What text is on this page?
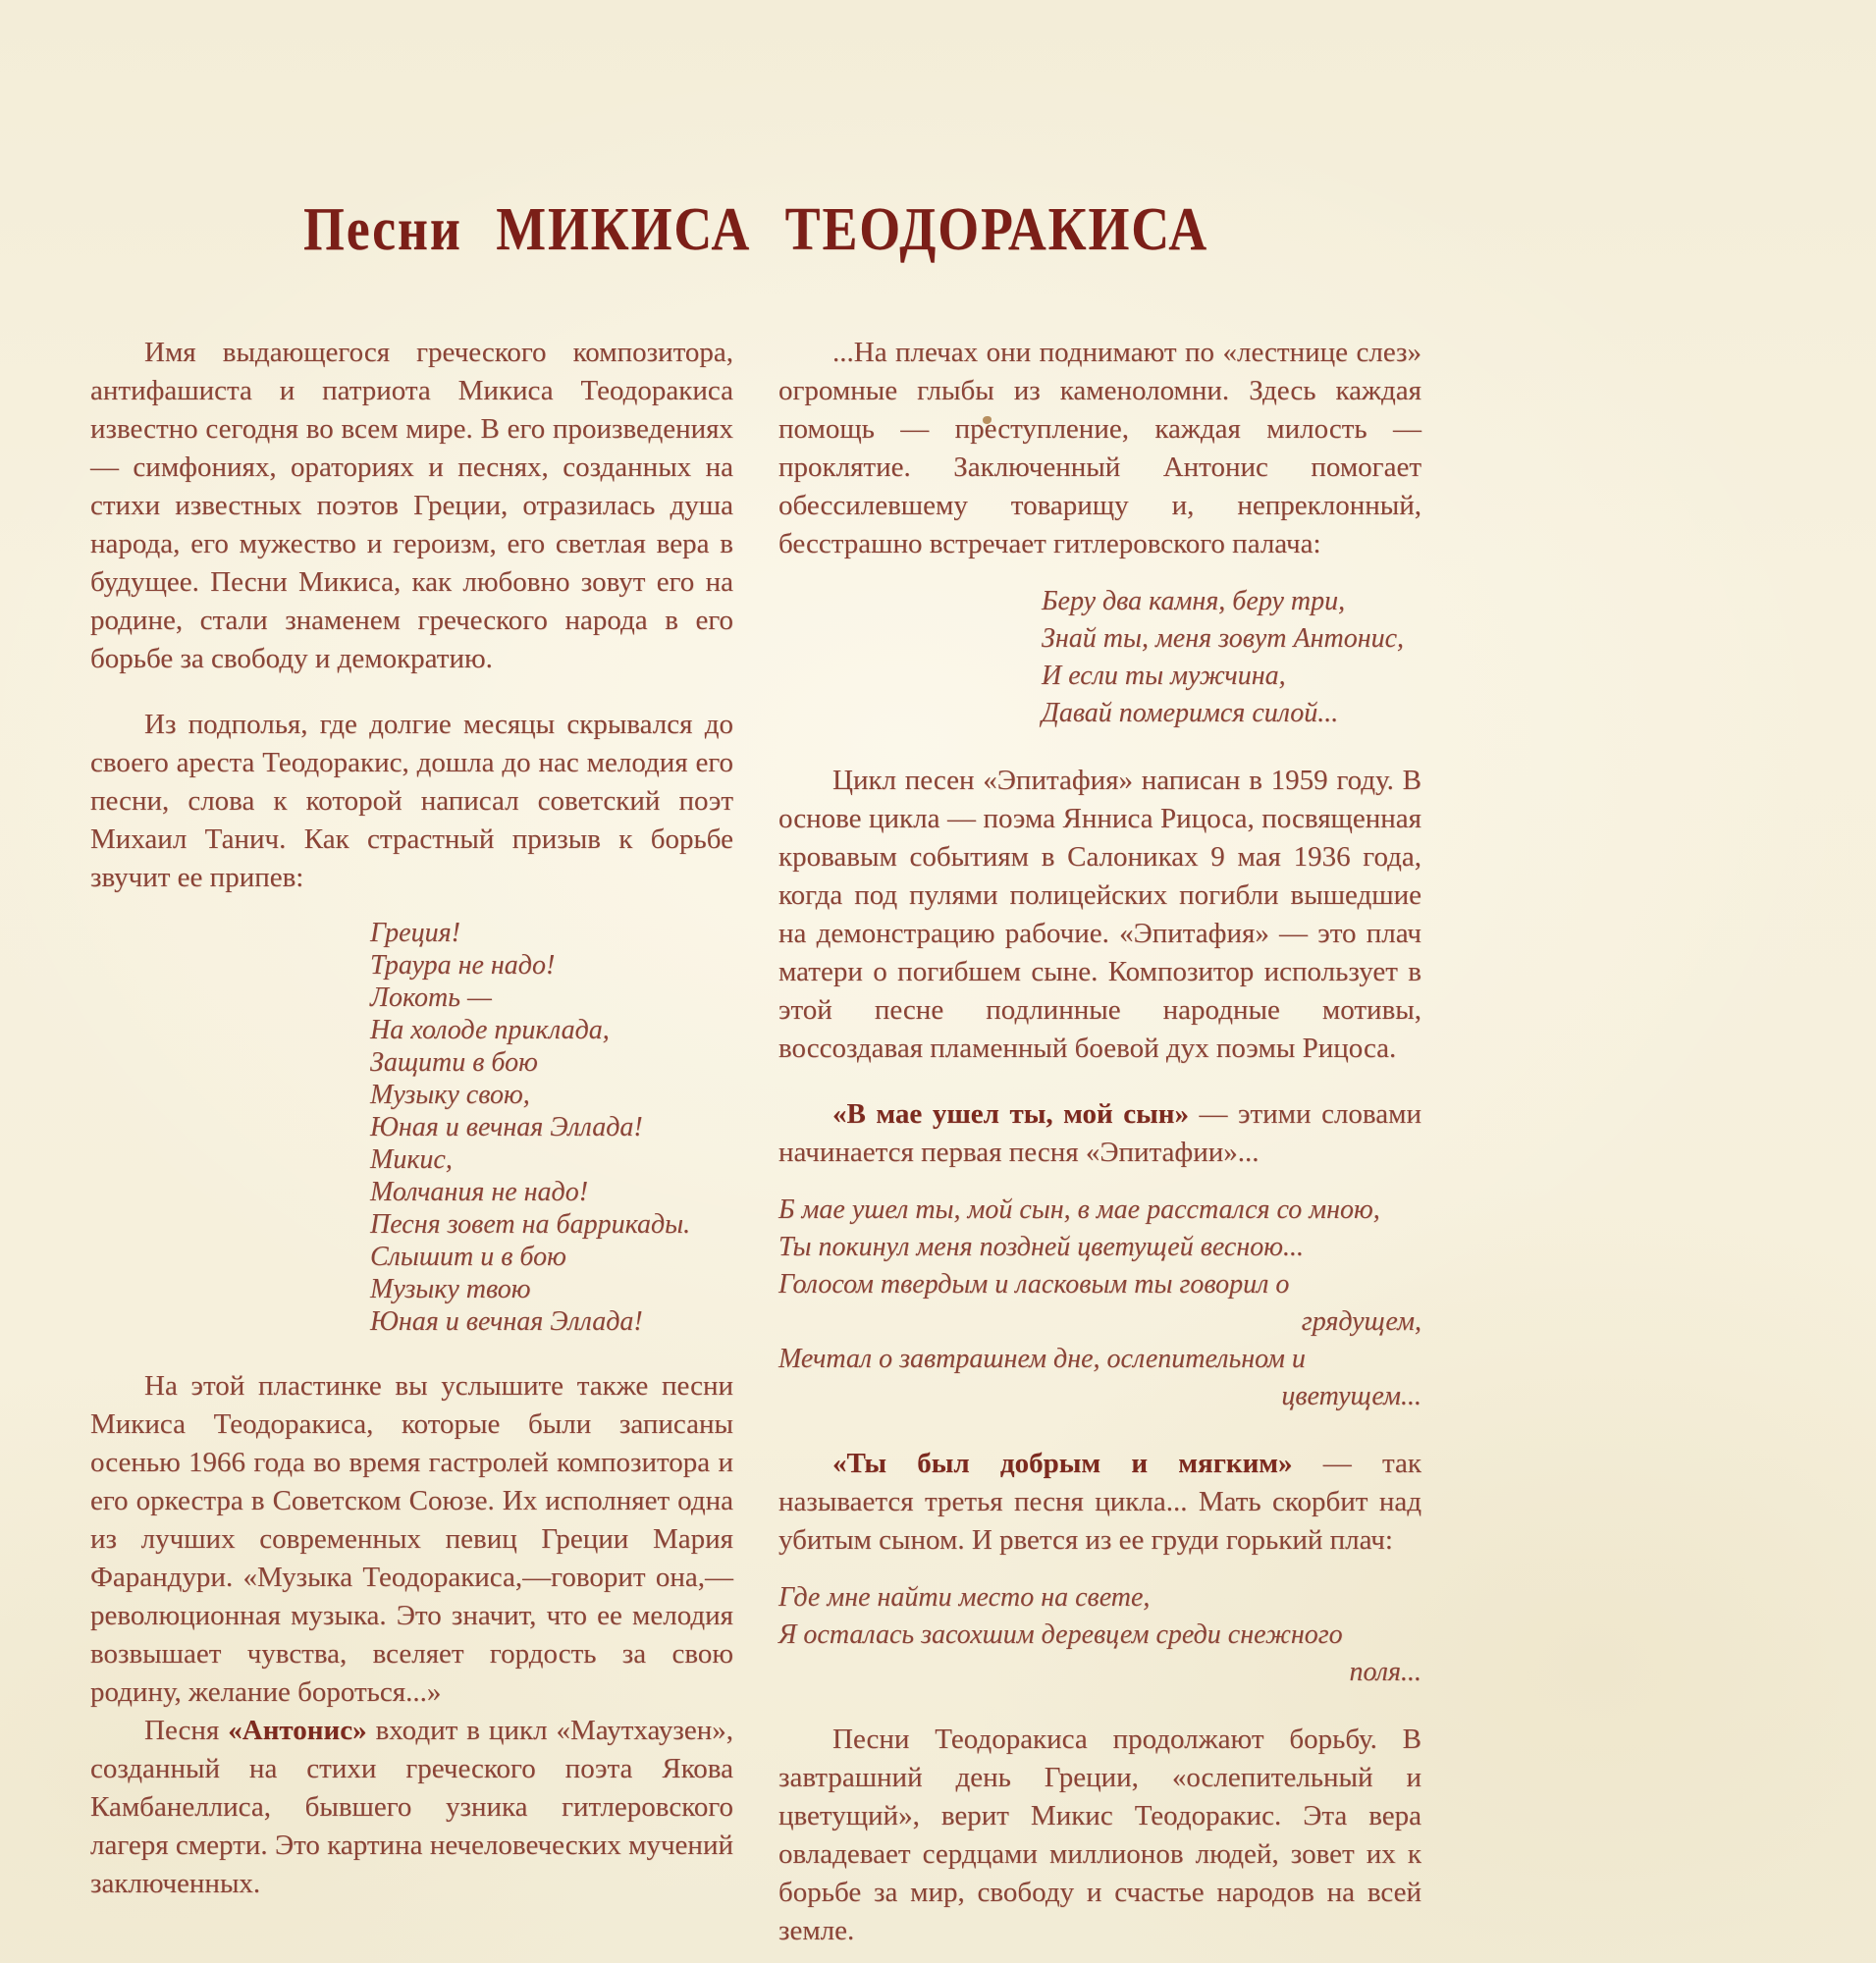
Песни МИКИСА ТЕОДОРАКИСА

Имя выдающегося греческого композитора, антифашиста и патриота Микиса Теодоракиса известно сегодня во всем мире. В его произведениях — симфониях, ораториях и песнях, созданных на стихи известных поэтов Греции, отразилась душа народа, его мужество и героизм, его светлая вера в будущее. Песни Микиса, как любовно зовут его на родине, стали знаменем греческого народа в его борьбе за свободу и демократию.

Из подполья, где долгие месяцы скрывался до своего ареста Теодоракис, дошла до нас мелодия его песни, слова к которой написал советский поэт Михаил Танич. Как страстный призыв к борьбе звучит ее припев:

Греция!
Траура не надо!
Локоть —
На холоде приклада,
Защити в бою
Музыку свою,
Юная и вечная Эллада!
Микис,
Молчания не надо!
Песня зовет на баррикады.
Слышит и в бою
Музыку твою
Юная и вечная Эллада!

На этой пластинке вы услышите также песни Микиса Теодоракиса, которые были записаны осенью 1966 года во время гастролей композитора и его оркестра в Советском Союзе. Их исполняет одна из лучших современных певиц Греции Мария Фарандури. «Музыка Теодоракиса,—говорит она,— революционная музыка. Это значит, что ее мелодия возвышает чувства, вселяет гордость за свою родину, желание бороться...»

Песня «Антонис» входит в цикл «Маутхаузен», созданный на стихи греческого поэта Якова Камбанеллиса, бывшего узника гитлеровского лагеря смерти. Это картина нечеловеческих мучений заключенных.

...На плечах они поднимают по «лестнице слез» огромные глыбы из каменоломни. Здесь каждая помощь — преступление, каждая милость — проклятие. Заключенный Антонис помогает обессилевшему товарищу и, непреклонный, бесстрашно встречает гитлеровского палача:

Беру два камня, беру три,
Знай ты, меня зовут Антонис,
И если ты мужчина,
Давай померимся силой...

Цикл песен «Эпитафия» написан в 1959 году. В основе цикла — поэма Янниса Рицоса, посвященная кровавым событиям в Салониках 9 мая 1936 года, когда под пулями полицейских погибли вышедшие на демонстрацию рабочие. «Эпитафия» — это плач матери о погибшем сыне. Композитор использует в этой песне подлинные народные мотивы, воссоздавая пламенный боевой дух поэмы Рицоса.

«В мае ушел ты, мой сын» — этими словами начинается первая песня «Эпитафии»...

Б мае ушел ты, мой сын, в мае расстался со мною,
Ты покинул меня поздней цветущей весною...
Голосом твердым и ласковым ты говорил о
грядущем,
Мечтал о завтрашнем дне, ослепительном и
цветущем...

«Ты был добрым и мягким» — так называется третья песня цикла... Мать скорбит над убитым сыном. И рвется из ее груди горький плач:

Где мне найти место на свете,
Я осталась засохшим деревцем среди снежного
поля...

Песни Теодоракиса продолжают борьбу. В завтрашний день Греции, «ослепительный и цветущий», верит Микис Теодоракис. Эта вера овладевает сердцами миллионов людей, зовет их к борьбе за мир, свободу и счастье народов на всей земле.
